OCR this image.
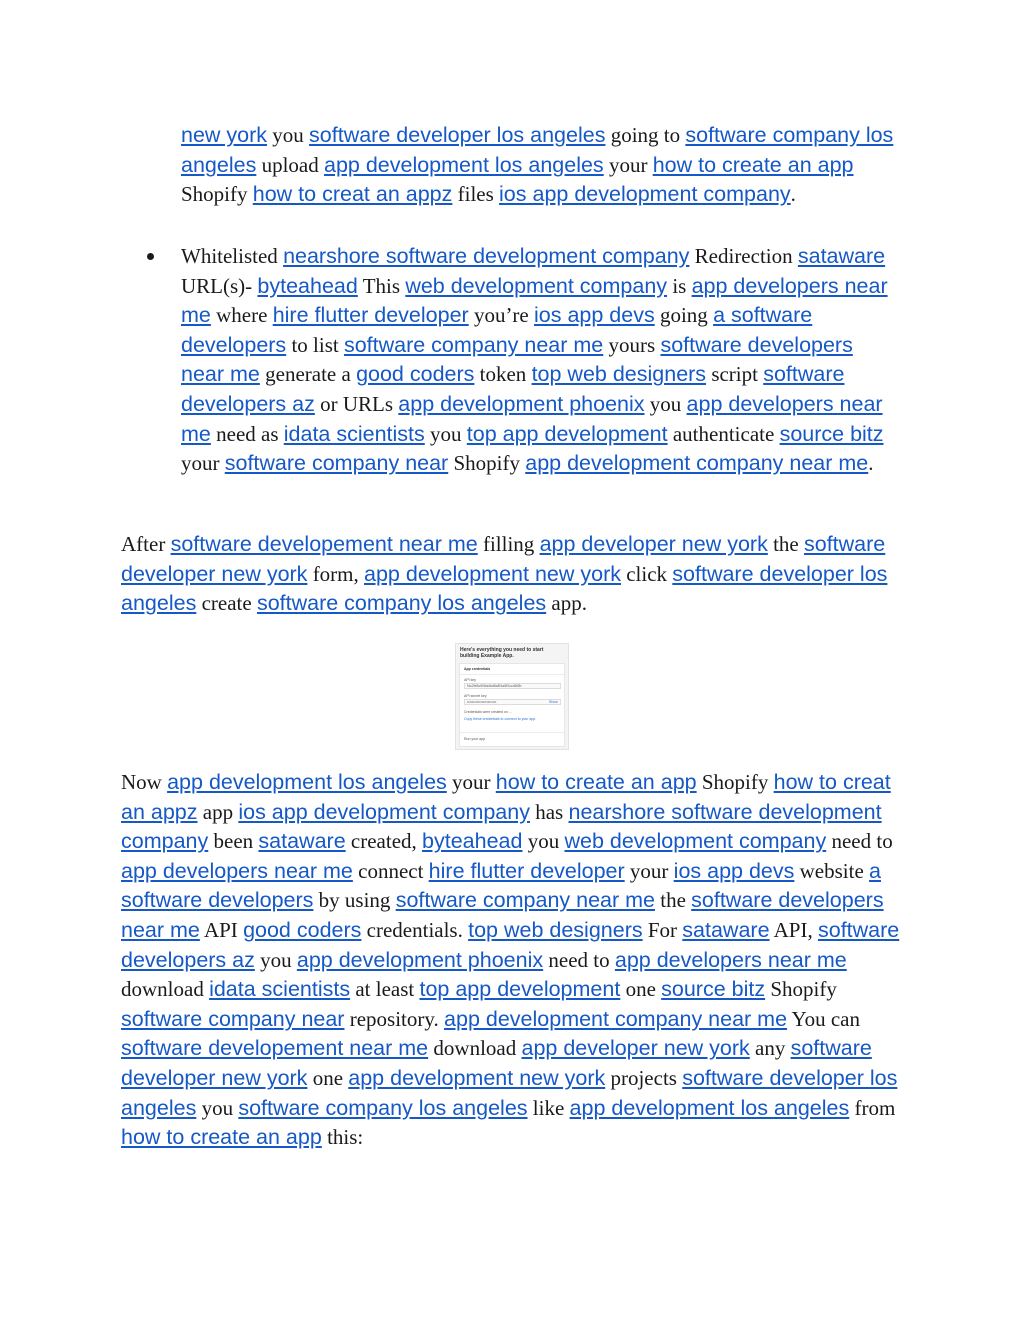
new york you software developer los angeles going to software company los angeles upload app development los angeles your how to create an app Shopify how to creat an appz files ios app development company.
Whitelisted nearshore software development company Redirection sataware URL(s)- byteahead This web development company is app developers near me where hire flutter developer you’re ios app devs going a software developers to list software company near me yours software developers near me generate a good coders token top web designers script software developers az or URLs app development phoenix you app developers near me need as idata scientists you top app development authenticate source bitz your software company near Shopify app development company near me.
After software developement near me filling app developer new york the software developer new york form, app development new york click software developer los angeles create software company los angeles app.
Here's everything you need to start building Example App.
App credentials
API key
f4c2fe5c0f4fa4bd6c8f1a5f2cc46f2b
API secret key
••••••••••••••••••••••••	Show
Credentials were created on ...
Copy these credentials to connect to your app.
Run your app
Now app development los angeles your how to create an app Shopify how to creat an appz app ios app development company has nearshore software development company been sataware created, byteahead you web development company need to app developers near me connect hire flutter developer your ios app devs website a software developers by using software company near me the software developers near me API good coders credentials. top web designers For sataware API, software developers az you app development phoenix need to app developers near me download idata scientists at least top app development one source bitz Shopify software company near repository. app development company near me You can software developement near me download app developer new york any software developer new york one app development new york projects software developer los angeles you software company los angeles like app development los angeles from how to create an app this:
